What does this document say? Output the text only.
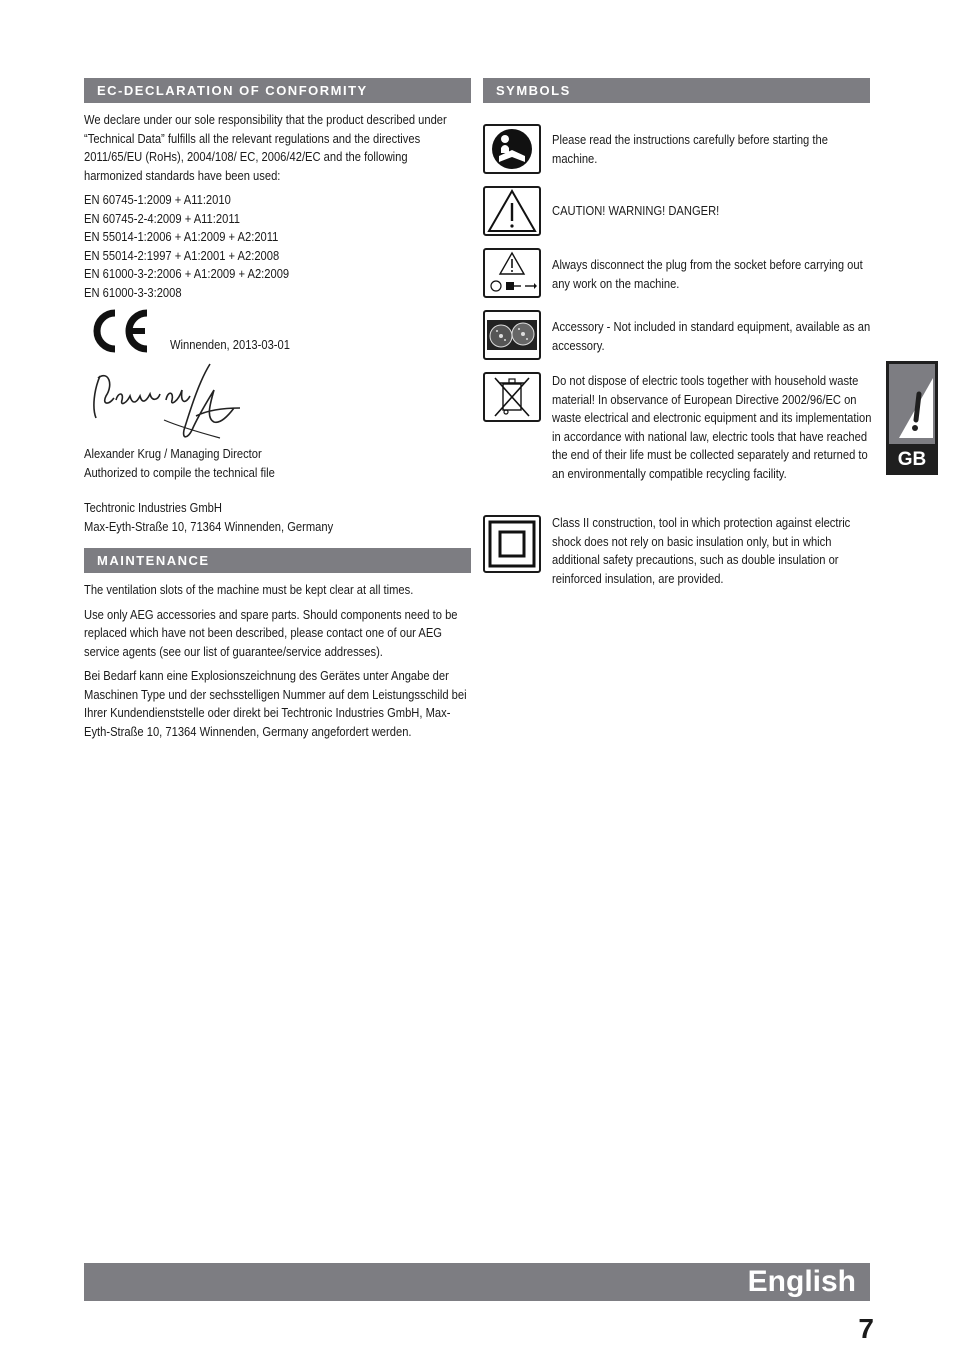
EC-DECLARATION OF CONFORMITY

We declare under our sole responsibility that the product described under “Technical Data” fulfills all the relevant regulations and the directives 2011/65/EU (RoHs), 2004/108/ EC, 2006/42/EC and the following harmonized standards have been used:

EN 60745-1:2009 + A11:2010
EN 60745-2-4:2009 + A11:2011
EN 55014-1:2006 + A1:2009 + A2:2011
EN 55014-2:1997 + A1:2001 + A2:2008
EN 61000-3-2:2006 + A1:2009 + A2:2009
EN 61000-3-3:2008
Winnenden, 2013-03-01
Alexander Krug / Managing Director
Authorized to compile the technical file
Techtronic Industries GmbH
Max-Eyth-Straße 10, 71364 Winnenden, Germany
MAINTENANCE

The ventilation slots of the machine must be kept clear at all times.

Use only AEG accessories and spare parts. Should components need to be replaced which have not been described, please contact one of our AEG service agents (see our list of guarantee/service addresses).

Bei Bedarf kann eine Explosionszeichnung des Gerätes unter Angabe der Maschinen Type und der sechsstelligen Nummer auf dem Leistungsschild bei Ihrer Kundendienststelle oder direkt bei Techtronic Industries GmbH, Max-Eyth-Straße 10, 71364 Winnenden, Germany angefordert werden.

SYMBOLS
Please read the instructions carefully before starting the machine.
CAUTION! WARNING! DANGER!
Always disconnect the plug from the socket before carrying out any work on the machine.
Accessory - Not included in standard equipment, available as an accessory.
Do not dispose of electric tools together with household waste material! In observance of European Directive 2002/96/EC on waste electrical and electronic equipment and its implementation in accordance with national law, electric tools that have reached the end of their life must be collected separately and returned to an environmentally compatible recycling facility.
Class II construction, tool in which protection against electric shock does not rely on basic insulation only, but in which additional safety precautions, such as double insulation or reinforced insulation, are provided.
GB
English
7
